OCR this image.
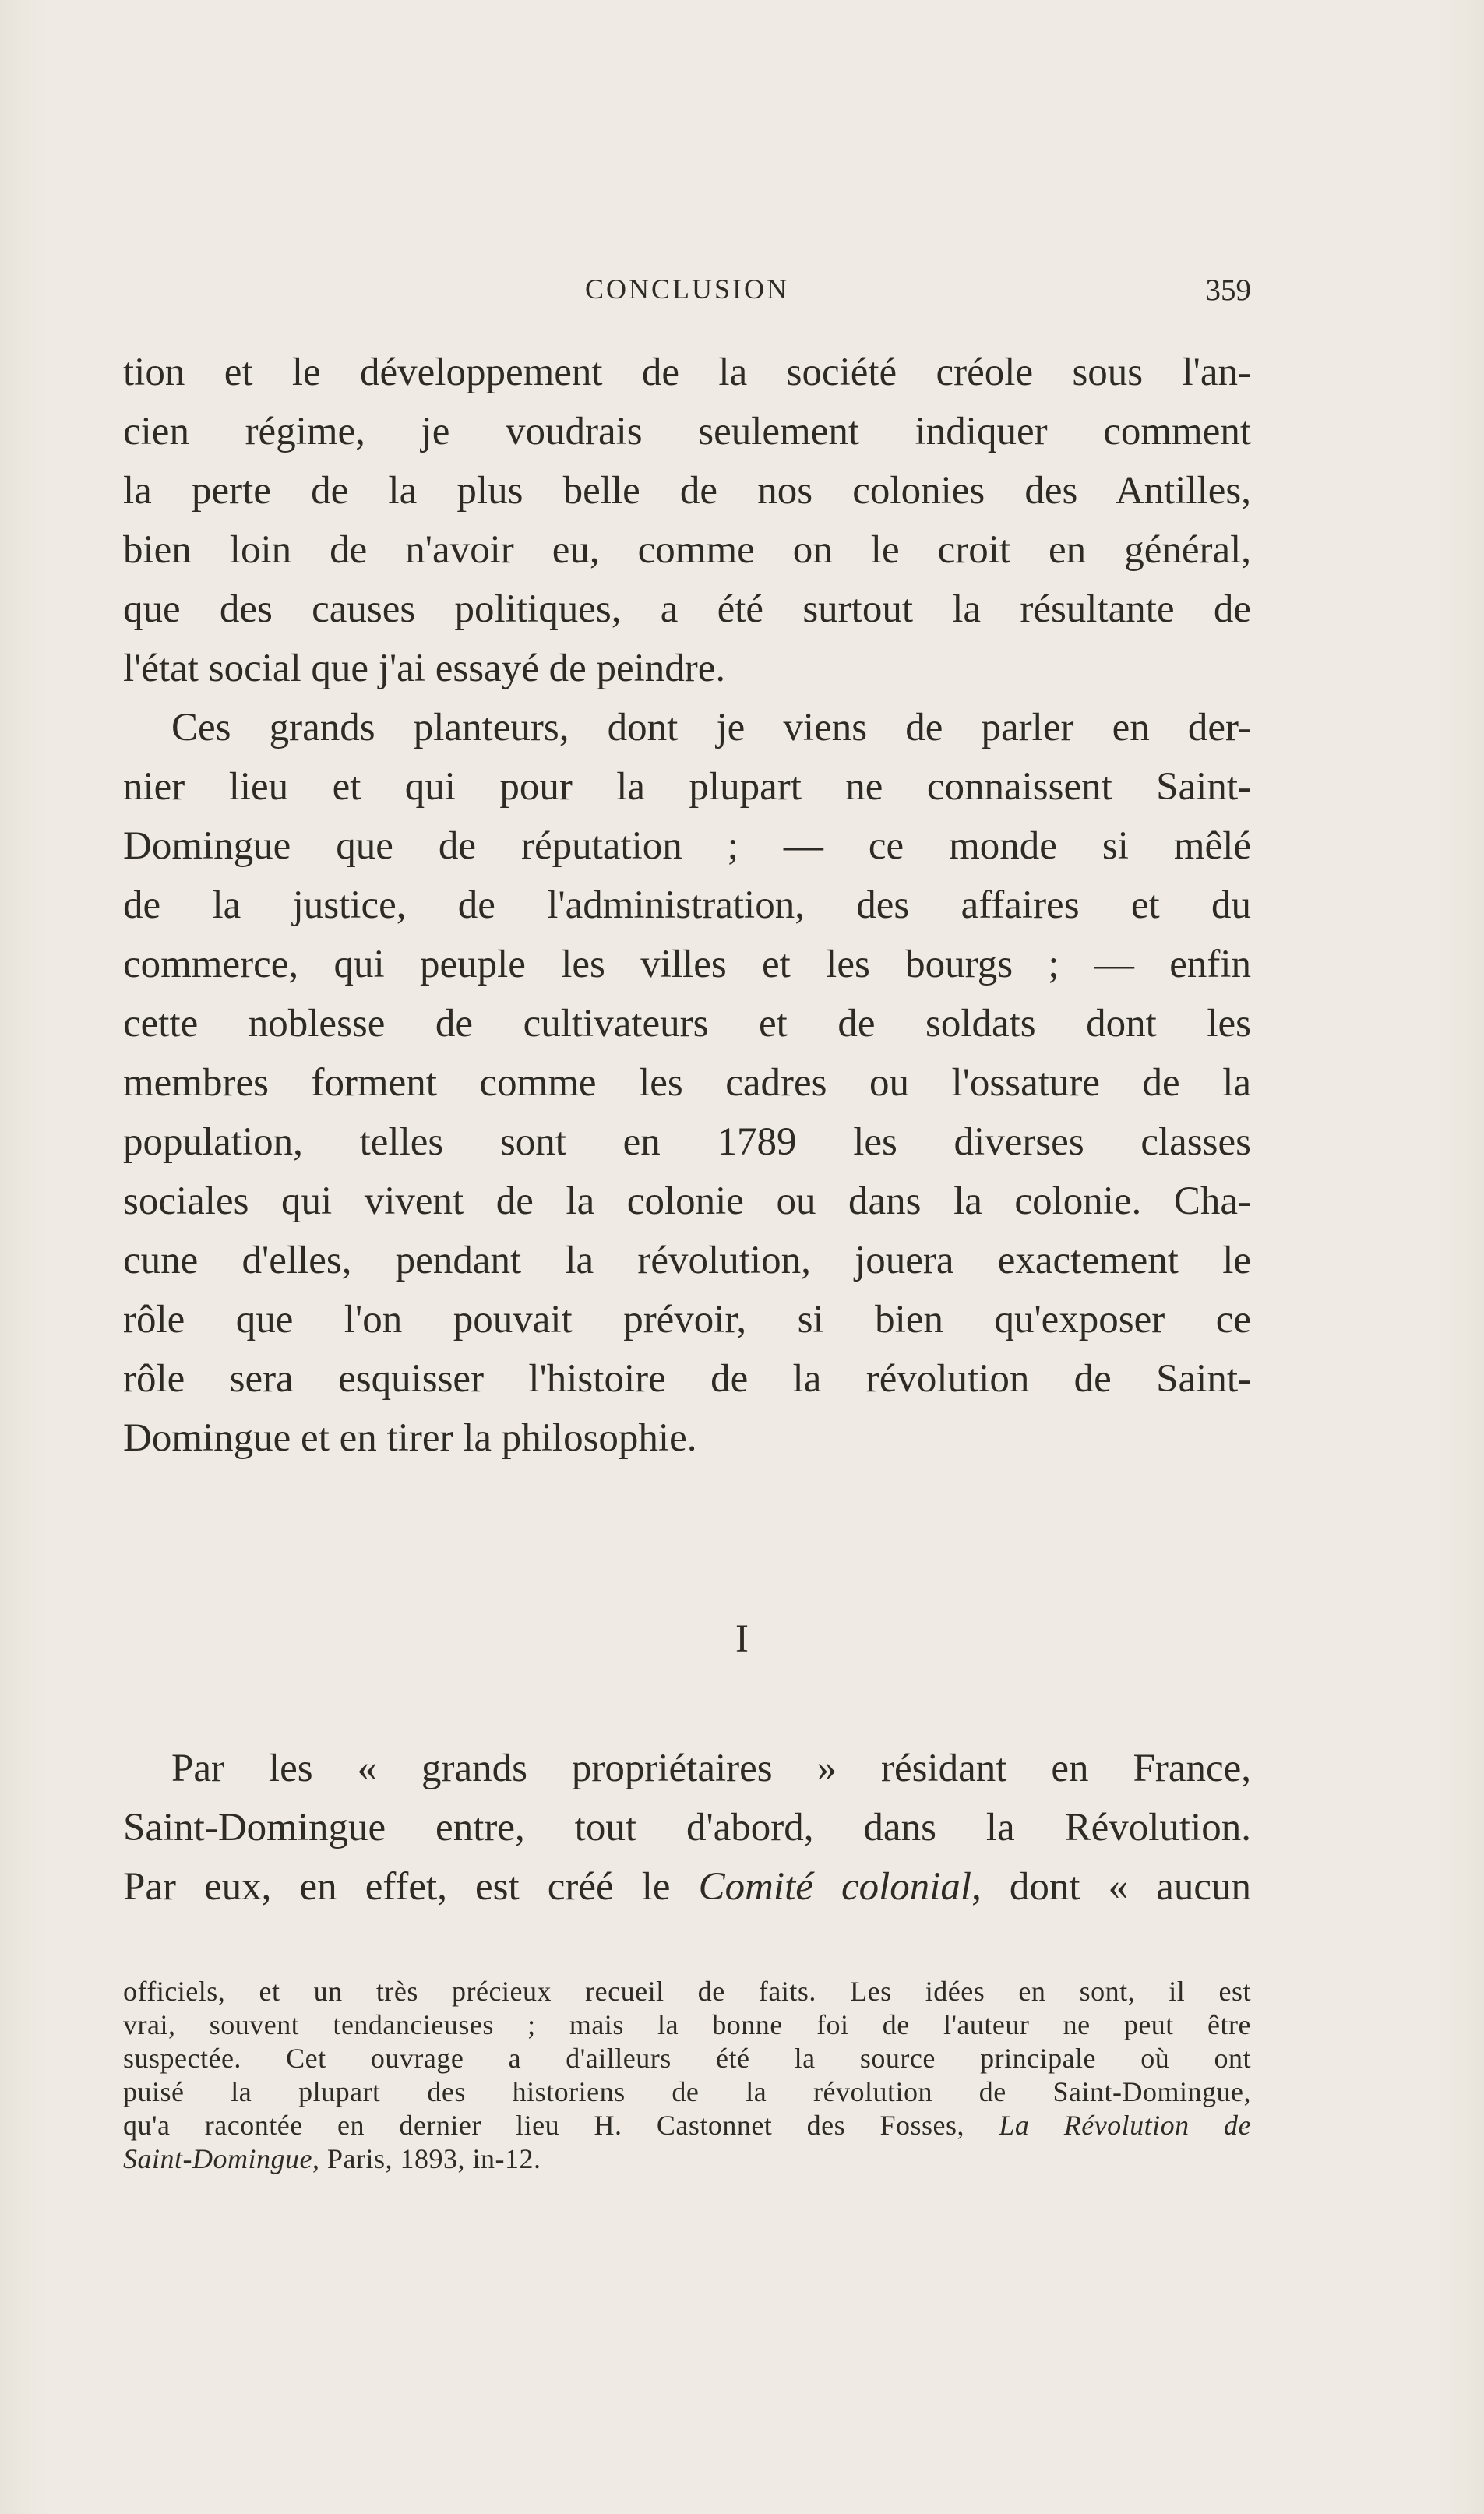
CONCLUSION	359
tion et le développement de la société créole sous l'an-
cien régime, je voudrais seulement indiquer comment
la perte de la plus belle de nos colonies des Antilles,
bien loin de n'avoir eu, comme on le croit en général,
que des causes politiques, a été surtout la résultante de
l'état social que j'ai essayé de peindre.
Ces grands planteurs, dont je viens de parler en der-
nier lieu et qui pour la plupart ne connaissent Saint-
Domingue que de réputation ; — ce monde si mêlé
de la justice, de l'administration, des affaires et du
commerce, qui peuple les villes et les bourgs ; — enfin
cette noblesse de cultivateurs et de soldats dont les
membres forment comme les cadres ou l'ossature de la
population, telles sont en 1789 les diverses classes
sociales qui vivent de la colonie ou dans la colonie. Cha-
cune d'elles, pendant la révolution, jouera exactement le
rôle que l'on pouvait prévoir, si bien qu'exposer ce
rôle sera esquisser l'histoire de la révolution de Saint-
Domingue et en tirer la philosophie.
I
Par les « grands propriétaires » résidant en France,
Saint-Domingue entre, tout d'abord, dans la Révolution.
Par eux, en effet, est créé le Comité colonial, dont « aucun
officiels, et un très précieux recueil de faits. Les idées en sont, il est
vrai, souvent tendancieuses ; mais la bonne foi de l'auteur ne peut être
suspectée. Cet ouvrage a d'ailleurs été la source principale où ont
puisé la plupart des historiens de la révolution de Saint-Domingue,
qu'a racontée en dernier lieu H. Castonnet des Fosses, La Révolution de
Saint-Domingue, Paris, 1893, in-12.
